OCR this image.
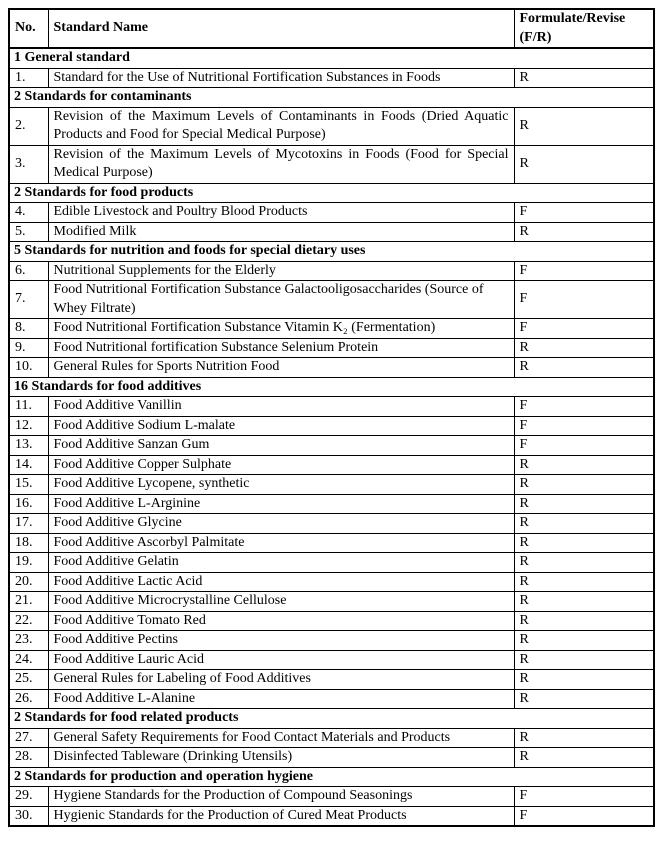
No.	Standard Name	Formulate/Revise (F/R)
1 General standard		
1.	Standard for the Use of Nutritional Fortification Substances in Foods	R
2 Standards for contaminants		
2.	Revision of the Maximum Levels of Contaminants in Foods (Dried Aquatic Products and Food for Special Medical Purpose)	R
3.	Revision of the Maximum Levels of Mycotoxins in Foods (Food for Special Medical Purpose)	R
2 Standards for food products		
4.	Edible Livestock and Poultry Blood Products	F
5.	Modified Milk	R
5 Standards for nutrition and foods for special dietary uses		
6.	Nutritional Supplements for the Elderly	F
7.	Food Nutritional Fortification Substance Galactooligosaccharides (Source of Whey Filtrate)	F
8.	Food Nutritional Fortification Substance Vitamin K₂ (Fermentation)	F
9.	Food Nutritional fortification Substance Selenium Protein	R
10.	General Rules for Sports Nutrition Food	R
16 Standards for food additives		
11.	Food Additive Vanillin	F
12.	Food Additive Sodium L-malate	F
13.	Food Additive Sanzan Gum	F
14.	Food Additive Copper Sulphate	R
15.	Food Additive Lycopene, synthetic	R
16.	Food Additive L-Arginine	R
17.	Food Additive Glycine	R
18.	Food Additive Ascorbyl Palmitate	R
19.	Food Additive Gelatin	R
20.	Food Additive Lactic Acid	R
21.	Food Additive Microcrystalline Cellulose	R
22.	Food Additive Tomato Red	R
23.	Food Additive Pectins	R
24.	Food Additive Lauric Acid	R
25.	General Rules for Labeling of Food Additives	R
26.	Food Additive L-Alanine	R
2 Standards for food related products		
27.	General Safety Requirements for Food Contact Materials and Products	R
28.	Disinfected Tableware (Drinking Utensils)	R
2 Standards for production and operation hygiene		
29.	Hygiene Standards for the Production of Compound Seasonings	F
30.	Hygienic Standards for the Production of Cured Meat Products	F
